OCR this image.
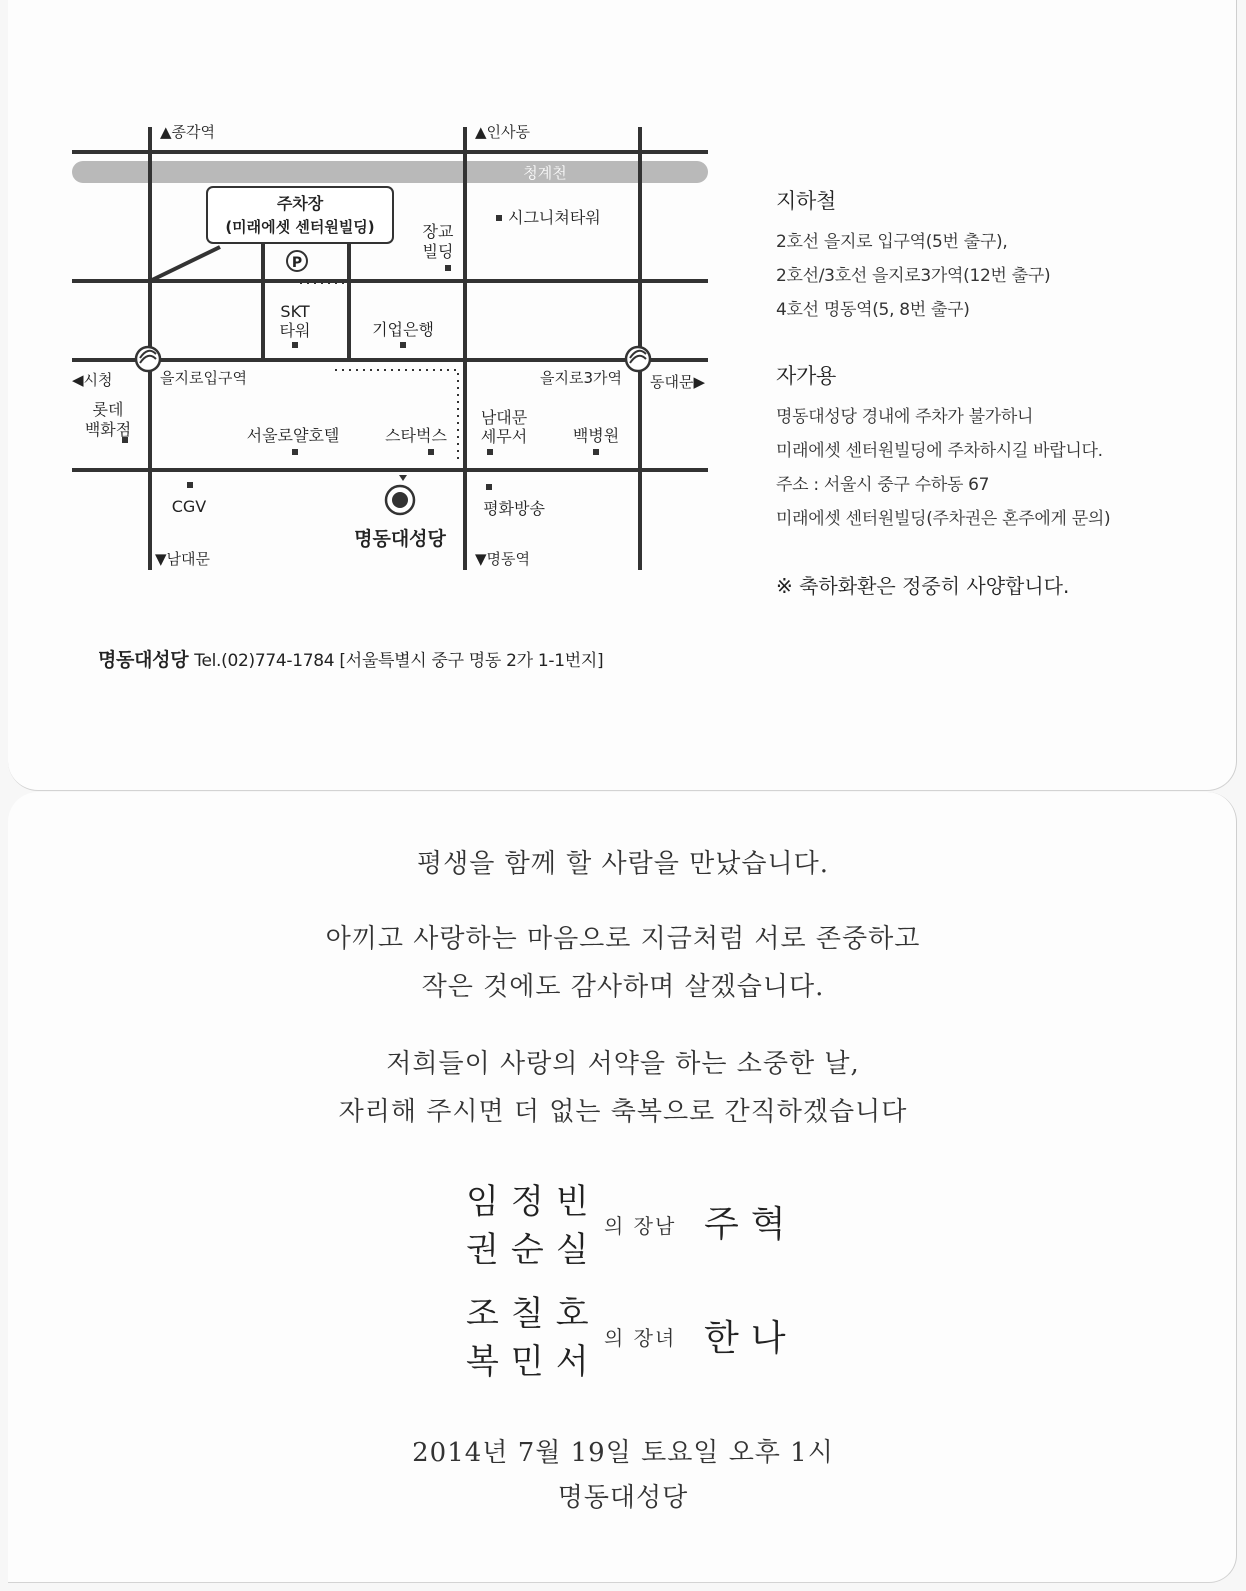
청계천
주차장
(미래에셋 센터원빌딩)
P
▲종각역	▲인사동
시그니쳐타워
장교
빌딩
SKT
타워	기업은행
◀시청	을지로입구역	을지로3가역 동대문▶
롯데
백화점	서울로얄호텔	스타벅스
남대문
세무서	백병원
CGV
명동대성당
평화방송
▼남대문	▼명동역
명동대성당 Tel.(02)774-1784 [서울특별시 중구 명동 2가 1-1번지]
지하철
2호선 을지로 입구역(5번 출구),
2호선/3호선 을지로3가역(12번 출구)
4호선 명동역(5, 8번 출구)
자가용
명동대성당 경내에 주차가 불가하니
미래에셋 센터원빌딩에 주차하시길 바랍니다.
주소 : 서울시 중구 수하동 67
미래에셋 센터원빌딩(주차권은 혼주에게 문의)
※ 축하화환은 정중히 사양합니다.
평생을 함께 할 사람을 만났습니다.
아끼고 사랑하는 마음으로 지금처럼 서로 존중하고
작은 것에도 감사하며 살겠습니다.
저희들이 사랑의 서약을 하는 소중한 날,
자리해 주시면 더 없는 축복으로 간직하겠습니다
임정빈
권순실
의 장남 주혁
조칠호
복민서
의 장녀 한나
2014년 7월 19일 토요일 오후 1시
명동대성당
